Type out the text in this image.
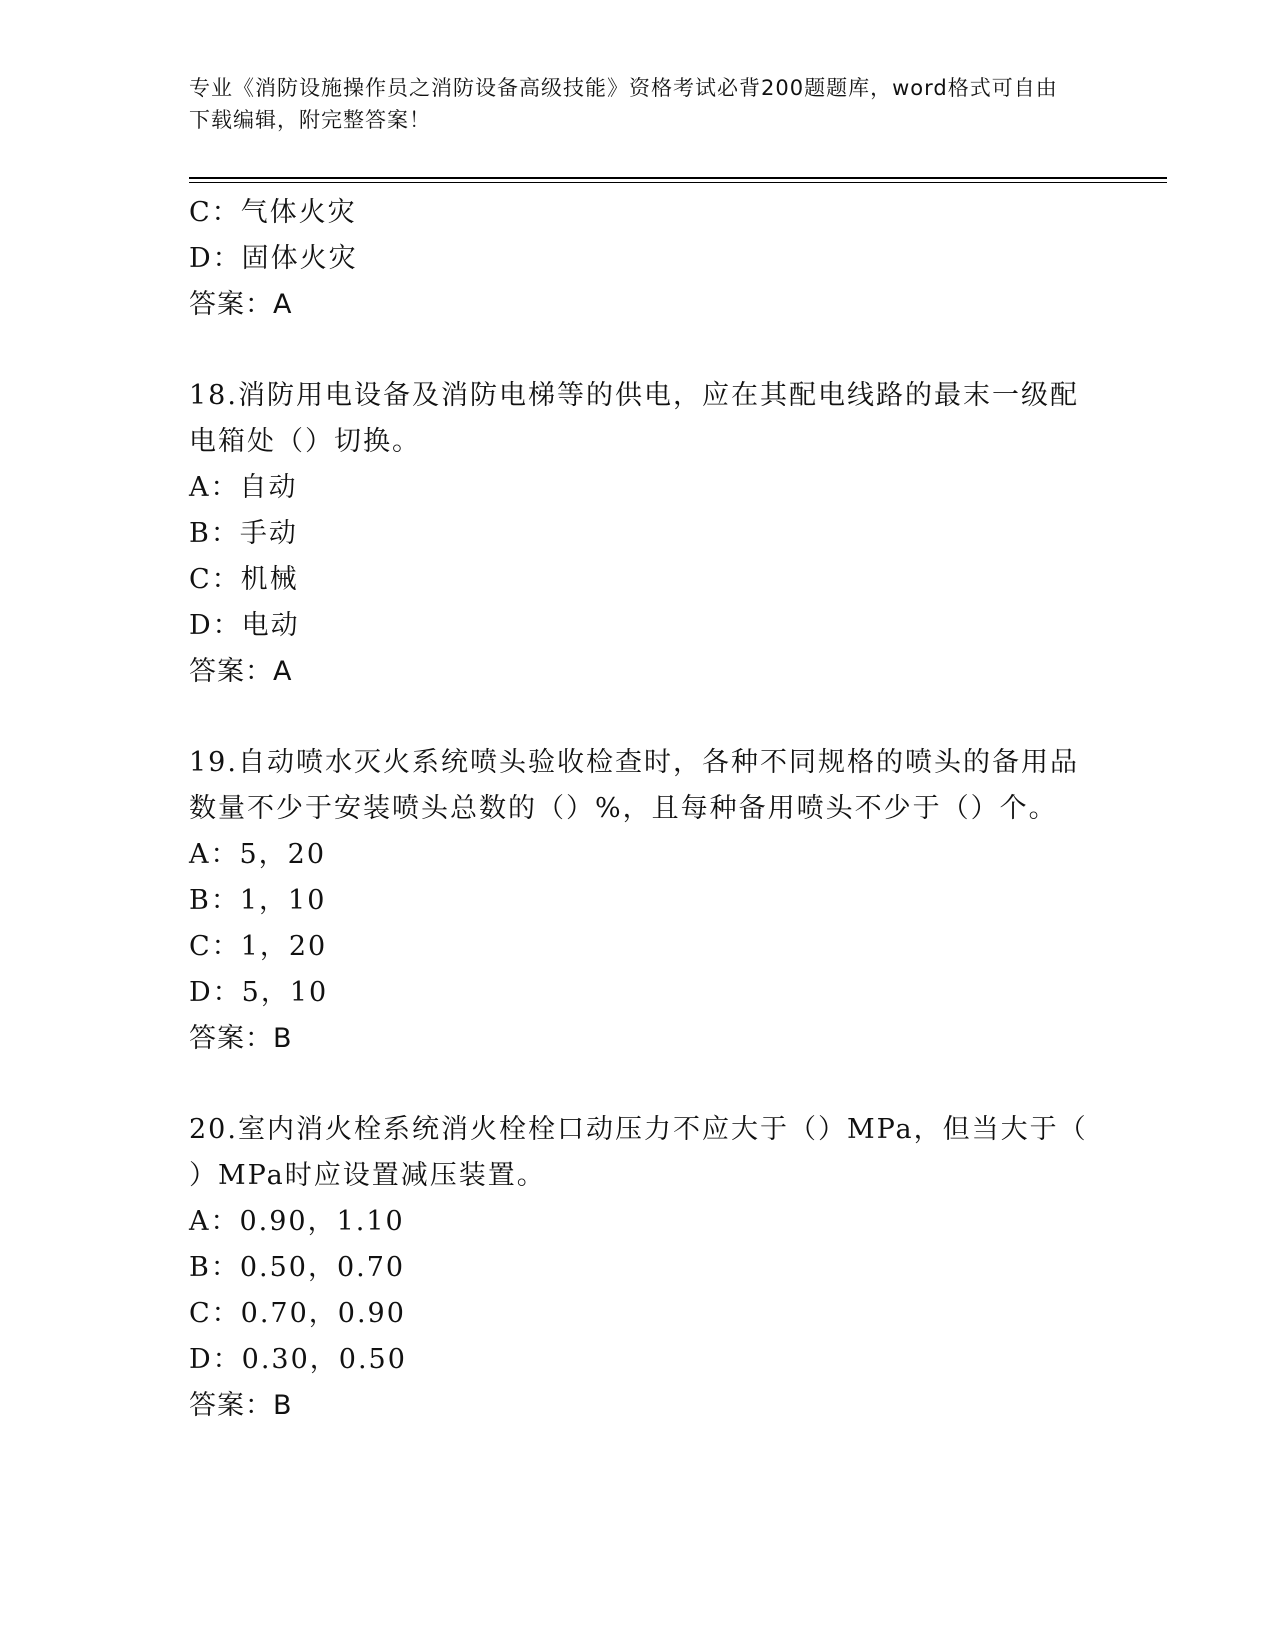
专业《消防设施操作员之消防设备高级技能》资格考试必背200题题库，word格式可自由下载编辑，附完整答案！
C：气体火灾
D：固体火灾
答案：A
18.消防用电设备及消防电梯等的供电，应在其配电线路的最末一级配
电箱处（）切换。
A：自动
B：手动
C：机械
D：电动
答案：A
19.自动喷水灭火系统喷头验收检查时，各种不同规格的喷头的备用品
数量不少于安装喷头总数的（）%，且每种备用喷头不少于（）个。
A：5，20
B：1，10
C：1，20
D：5，10
答案：B
20.室内消火栓系统消火栓栓口动压力不应大于（）MPa，但当大于（
）MPa时应设置减压装置。
A：0.90，1.10
B：0.50，0.70
C：0.70，0.90
D：0.30，0.50
答案：B
